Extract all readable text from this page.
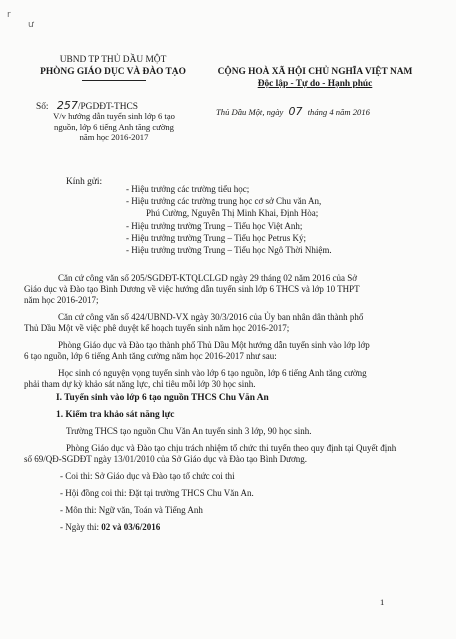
r
ư
UBND TP THỦ DẦU MỘT
PHÒNG GIÁO DỤC VÀ ĐÀO TẠO
Số: 257/PGDĐT-THCS
V/v hướng dẫn tuyển sinh lớp 6 tạo
nguồn, lớp 6 tiếng Anh tăng cường
năm học 2016-2017
CỘNG HOÀ XÃ HỘI CHỦ NGHĨA VIỆT NAM
Độc lập - Tự do - Hạnh phúc
Thủ Dầu Một, ngày 07 tháng 4 năm 2016
Kính gửi:
- Hiệu trưởng các trường tiểu học;
- Hiệu trưởng các trường trung học cơ sở Chu văn An,
Phú Cường, Nguyễn Thị Minh Khai, Định Hòa;
- Hiệu trưởng trường Trung – Tiểu học Việt Anh;
- Hiệu trưởng trường Trung – Tiểu học Petrus Ký;
- Hiệu trưởng trường Trung – Tiểu học Ngô Thời Nhiệm.
Căn cứ công văn số 205/SGDĐT-KTQLCLGD ngày 29 tháng 02 năm 2016 của Sở
Giáo dục và Đào tạo Bình Dương về việc hướng dẫn tuyển sinh lớp 6 THCS và lớp 10 THPT
năm học 2016-2017;
Căn cứ công văn số 424/UBND-VX ngày 30/3/2016 của Ủy ban nhân dân thành phố
Thủ Dầu Một về việc phê duyệt kế hoạch tuyển sinh năm học 2016-2017;
Phòng Giáo dục và Đào tạo thành phố Thủ Dầu Một hướng dẫn tuyển sinh vào lớp lớp
6 tạo nguồn, lớp 6 tiếng Anh tăng cường năm học 2016-2017 như sau:
Học sinh có nguyện vọng tuyển sinh vào lớp 6 tạo nguồn, lớp 6 tiếng Anh tăng cường
phải tham dự kỳ khảo sát năng lực, chỉ tiêu mỗi lớp 30 học sinh.
I. Tuyển sinh vào lớp 6 tạo nguồn THCS Chu Văn An
1. Kiểm tra khảo sát năng lực
Trường THCS tạo nguồn Chu Văn An tuyển sinh 3 lớp, 90 học sinh.
Phòng Giáo dục và Đào tạo chịu trách nhiệm tổ chức thi tuyển theo quy định tại Quyết định
số 69/QĐ-SGDĐT ngày 13/01/2010 của Sở Giáo dục và Đào tạo Bình Dương.
- Coi thi: Sở Giáo dục và Đào tạo tổ chức coi thi
- Hội đồng coi thi: Đặt tại trường THCS Chu Văn An.
- Môn thi: Ngữ văn, Toán và Tiếng Anh
- Ngày thi: 02 và 03/6/2016
1
